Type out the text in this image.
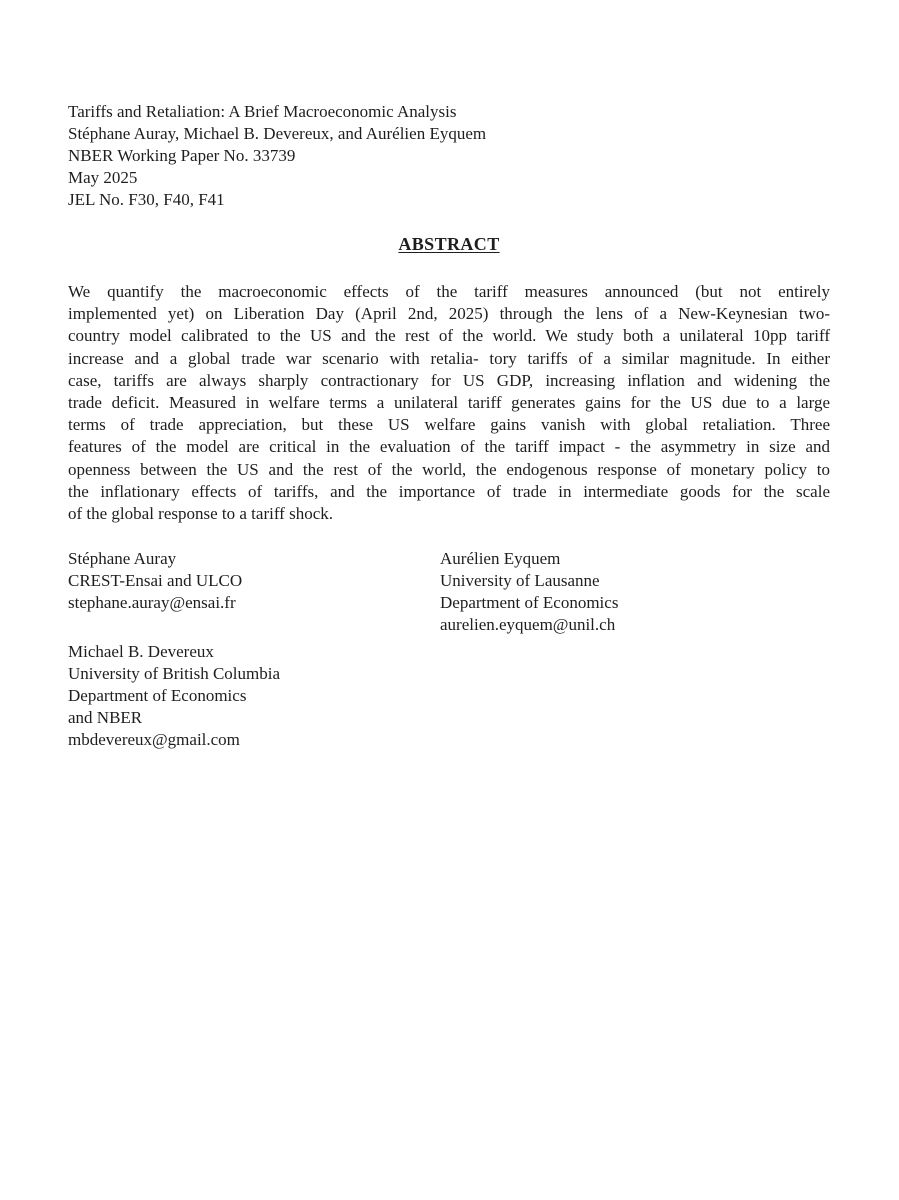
Tariffs and Retaliation: A Brief Macroeconomic Analysis
Stéphane Auray, Michael B. Devereux, and Aurélien Eyquem
NBER Working Paper No. 33739
May 2025
JEL No. F30, F40, F41
ABSTRACT
We quantify the macroeconomic effects of the tariff measures announced (but not entirely
implemented yet) on Liberation Day (April 2nd, 2025) through the lens of a New-Keynesian two-
country model calibrated to the US and the rest of the world. We study both a unilateral 10pp tariff
increase and a global trade war scenario with retalia- tory tariffs of a similar magnitude. In either
case, tariffs are always sharply contractionary for US GDP, increasing inflation and widening the
trade deficit. Measured in welfare terms a unilateral tariff generates gains for the US due to a large
terms of trade appreciation, but these US welfare gains vanish with global retaliation. Three
features of the model are critical in the evaluation of the tariff impact - the asymmetry in size and
openness between the US and the rest of the world, the endogenous response of monetary policy to
the inflationary effects of tariffs, and the importance of trade in intermediate goods for the scale
of the global response to a tariff shock.
Stéphane Auray
CREST-Ensai and ULCO
stephane.auray@ensai.fr
Aurélien Eyquem
University of Lausanne
Department of Economics
aurelien.eyquem@unil.ch
Michael B. Devereux
University of British Columbia
Department of Economics
and NBER
mbdevereux@gmail.com
